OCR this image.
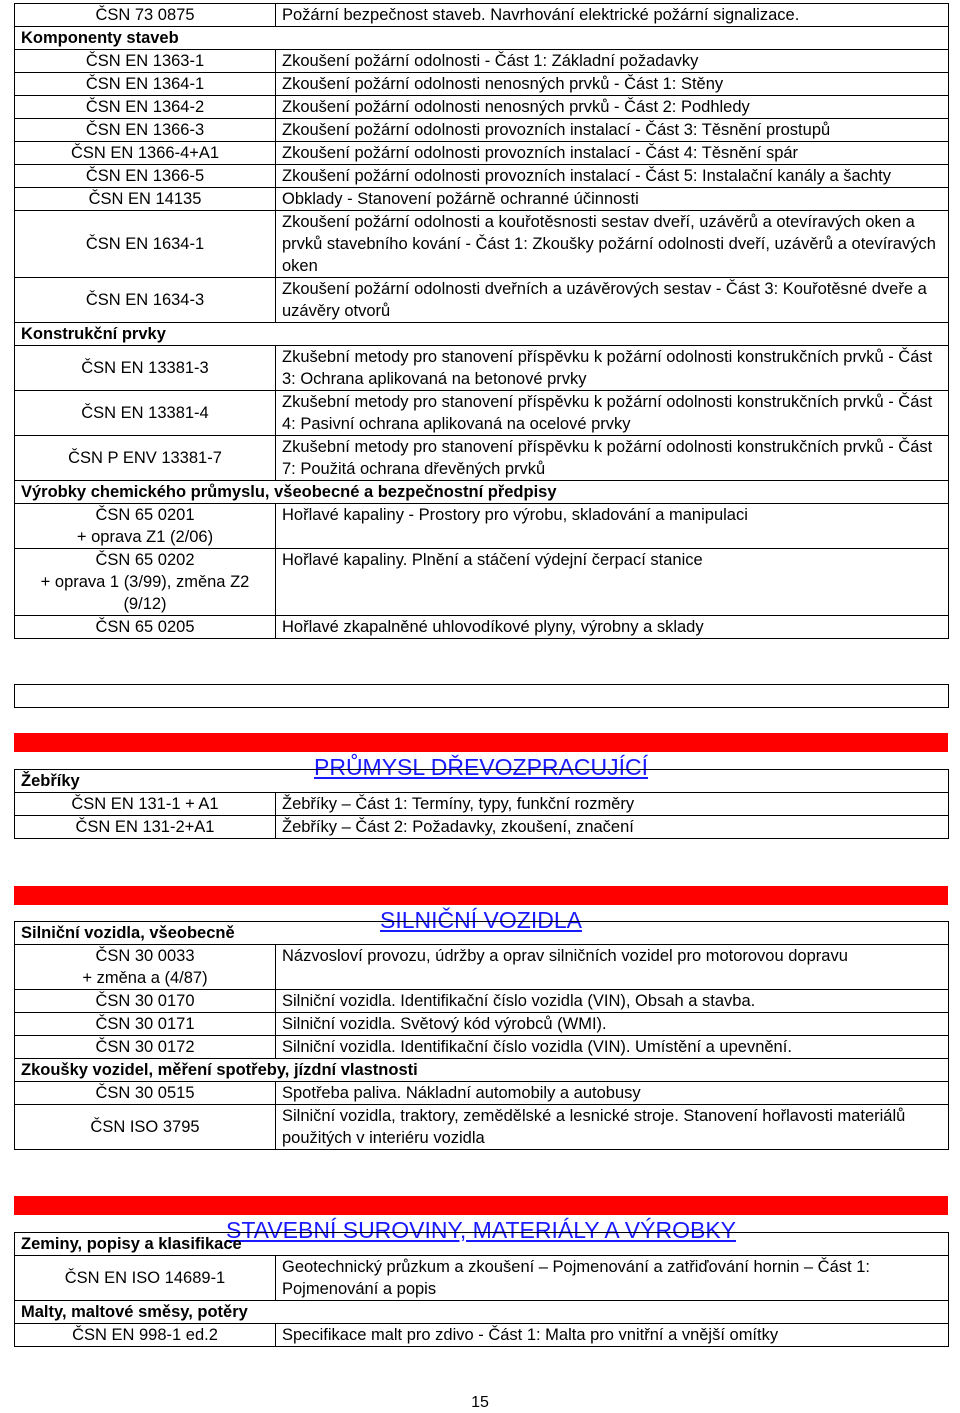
ČSN 73 0875	Požární bezpečnost staveb. Navrhování elektrické požární signalizace.
Komponenty staveb	
ČSN EN 1363-1	Zkoušení požární odolnosti - Část 1: Základní požadavky
ČSN EN 1364-1	Zkoušení požární odolnosti nenosných prvků - Část 1: Stěny
ČSN EN 1364-2	Zkoušení požární odolnosti nenosných prvků - Část 2: Podhledy
ČSN EN 1366-3	Zkoušení požární odolnosti provozních instalací - Část 3: Těsnění prostupů
ČSN EN 1366-4+A1	Zkoušení požární odolnosti provozních instalací - Část 4: Těsnění spár
ČSN EN 1366-5	Zkoušení požární odolnosti provozních instalací - Část 5: Instalační kanály a šachty
ČSN EN 14135	Obklady - Stanovení požárně ochranné účinnosti
ČSN EN 1634-1	Zkoušení požární odolnosti a kouřotěsnosti sestav dveří, uzávěrů a otevíravých oken a prvků stavebního kování - Část 1: Zkoušky požární odolnosti dveří, uzávěrů a otevíravých oken
ČSN EN 1634-3	Zkoušení požární odolnosti dveřních a uzávěrových sestav - Část 3: Kouřotěsné dveře a uzávěry otvorů
Konstrukční prvky	
ČSN EN 13381-3	Zkušební metody pro stanovení příspěvku k požární odolnosti konstrukčních prvků - Část 3: Ochrana aplikovaná na betonové prvky
ČSN EN 13381-4	Zkušební metody pro stanovení příspěvku k požární odolnosti konstrukčních prvků - Část 4: Pasivní ochrana aplikovaná na ocelové prvky
ČSN P ENV 13381-7	Zkušební metody pro stanovení příspěvku k požární odolnosti konstrukčních prvků - Část 7: Použitá ochrana dřevěných prvků
Výrobky chemického průmyslu, všeobecné a bezpečnostní předpisy	
ČSN 65 0201
+ oprava Z1 (2/06)	Hořlavé kapaliny - Prostory pro výrobu, skladování a manipulaci
ČSN 65 0202
+ oprava 1 (3/99), změna Z2
(9/12)	Hořlavé kapaliny. Plnění a stáčení výdejní čerpací stanice
ČSN 65 0205	Hořlavé zkapalněné uhlovodíkové plyny, výrobny a sklady
PRŮMYSL DŘEVOZPRACUJÍCÍ
Žebříky	
ČSN EN 131-1 + A1	Žebříky – Část 1: Termíny, typy, funkční rozměry
ČSN EN 131-2+A1	Žebříky – Část 2: Požadavky, zkoušení, značení
SILNIČNÍ VOZIDLA
Silniční vozidla, všeobecně	
ČSN 30 0033
+ změna a (4/87)	Názvosloví provozu, údržby a oprav silničních vozidel pro motorovou dopravu
ČSN 30 0170	Silniční vozidla. Identifikační číslo vozidla (VIN), Obsah a stavba.
ČSN 30 0171	Silniční vozidla. Světový kód výrobců (WMI).
ČSN 30 0172	Silniční vozidla. Identifikační číslo vozidla (VIN). Umístění a upevnění.
Zkoušky vozidel, měření spotřeby, jízdní vlastnosti	
ČSN 30 0515	Spotřeba paliva. Nákladní automobily a autobusy
ČSN ISO 3795	Silniční vozidla, traktory, zemědělské a lesnické stroje. Stanovení hořlavosti materiálů použitých v interiéru vozidla
STAVEBNÍ SUROVINY, MATERIÁLY A VÝROBKY
Zeminy, popisy a klasifikace	
ČSN EN ISO 14689-1	Geotechnický průzkum a zkoušení – Pojmenování a zatřiďování hornin – Část 1: Pojmenování a popis
Malty, maltové směsy, potěry	
ČSN EN 998-1 ed.2	Specifikace malt pro zdivo - Část 1: Malta pro vnitřní a vnější omítky
15
